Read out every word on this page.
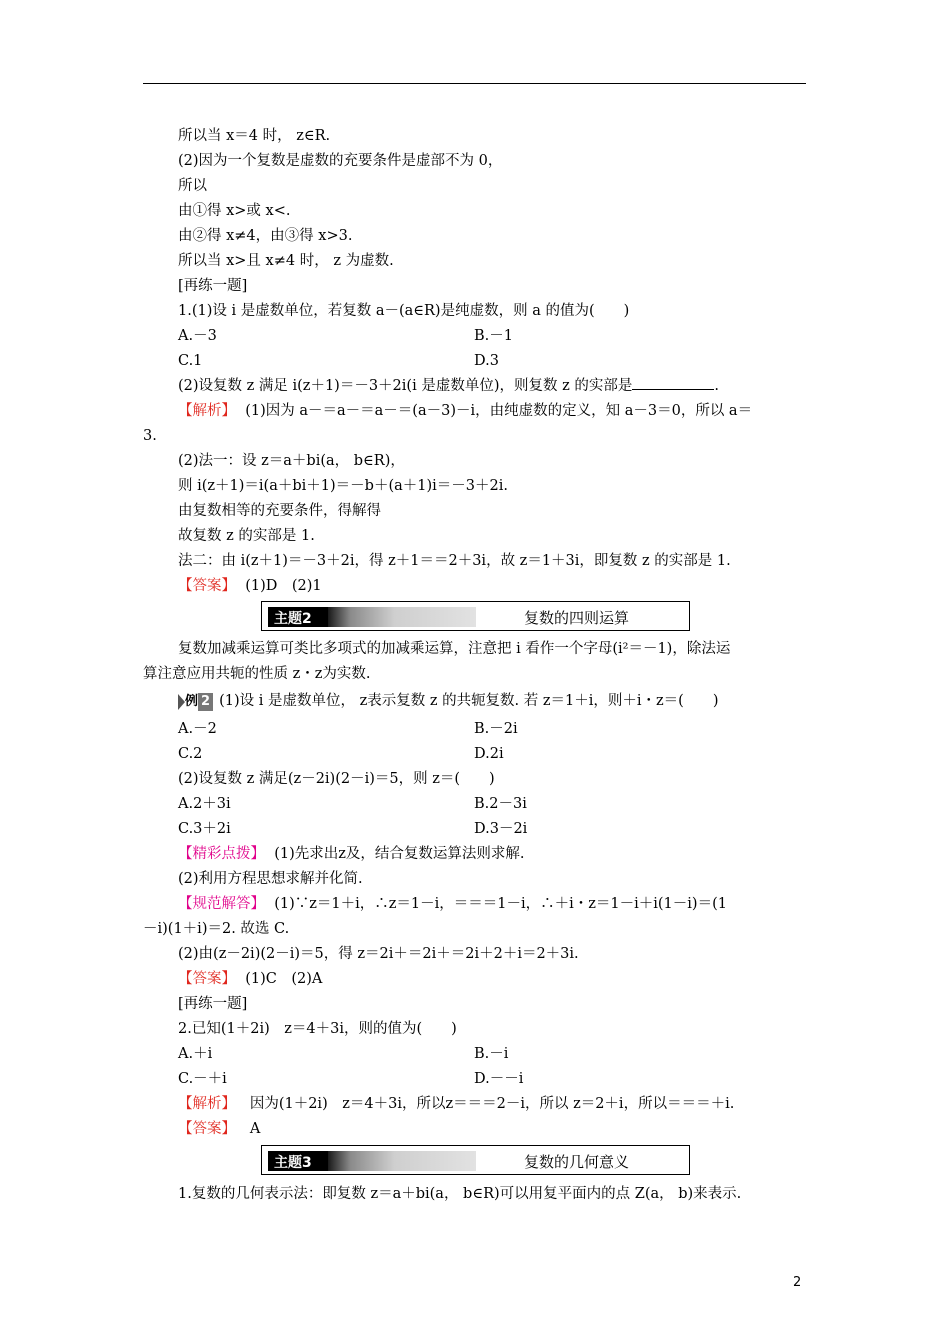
所以当 x＝4 时， z∈R.
(2)因为一个复数是虚数的充要条件是虚部不为 0，
所以
由①得 x>或 x<.
由②得 x≠4，由③得 x>3.
所以当 x>且 x≠4 时， z 为虚数.
[再练一题]
1.(1)设 i 是虚数单位，若复数 a－(a∈R)是纯虚数，则 a 的值为(　　)
A.－3	B.－1
C.1	D.3
(2)设复数 z 满足 i(z＋1)＝－3＋2i(i 是虚数单位)，则复数 z 的实部是	.
【解析】 (1)因为 a－＝a－＝a－＝(a－3)－i，由纯虚数的定义，知 a－3＝0，所以 a＝
3.
(2)法一：设 z＝a＋bi(a， b∈R)，
则 i(z＋1)＝i(a＋bi＋1)＝－b＋(a＋1)i＝－3＋2i.
由复数相等的充要条件，得解得
故复数 z 的实部是 1.
法二：由 i(z＋1)＝－3＋2i，得 z＋1＝＝2＋3i，故 z＝1＋3i，即复数 z 的实部是 1.
【答案】 (1)D　(2)1
主题2	复数的四则运算
复数加减乘运算可类比多项式的加减乘运算，注意把 i 看作一个字母(i²＝－1)，除法运
算注意应用共轭的性质 z・z为实数.
例 2 (1)设 i 是虚数单位， z表示复数 z 的共轭复数. 若 z＝1＋i，则＋i・z＝(　　)
A.－2	B.－2i
C.2	D.2i
(2)设复数 z 满足(z－2i)(2－i)＝5，则 z＝(　　)
A.2＋3i	B.2－3i
C.3＋2i	D.3－2i
【精彩点拨】 (1)先求出z及，结合复数运算法则求解.
(2)利用方程思想求解并化简.
【规范解答】 (1)∵z＝1＋i，∴z＝1－i，＝＝＝1－i，∴＋i・z＝1－i＋i(1－i)＝(1
－i)(1＋i)＝2. 故选 C.
(2)由(z－2i)(2－i)＝5，得 z＝2i＋＝2i＋＝2i＋2＋i＝2＋3i.
【答案】 (1)C　(2)A
[再练一题]
2.已知(1＋2i)　z＝4＋3i，则的值为(　　)
A.＋i	B.－i
C.－＋i	D.－－i
【解析】 因为(1＋2i)　z＝4＋3i，所以z＝＝＝2－i，所以 z＝2＋i，所以＝＝＝＋i.
【答案】 A
主题3	复数的几何意义
1.复数的几何表示法：即复数 z＝a＋bi(a， b∈R)可以用复平面内的点 Z(a， b)来表示.
2
